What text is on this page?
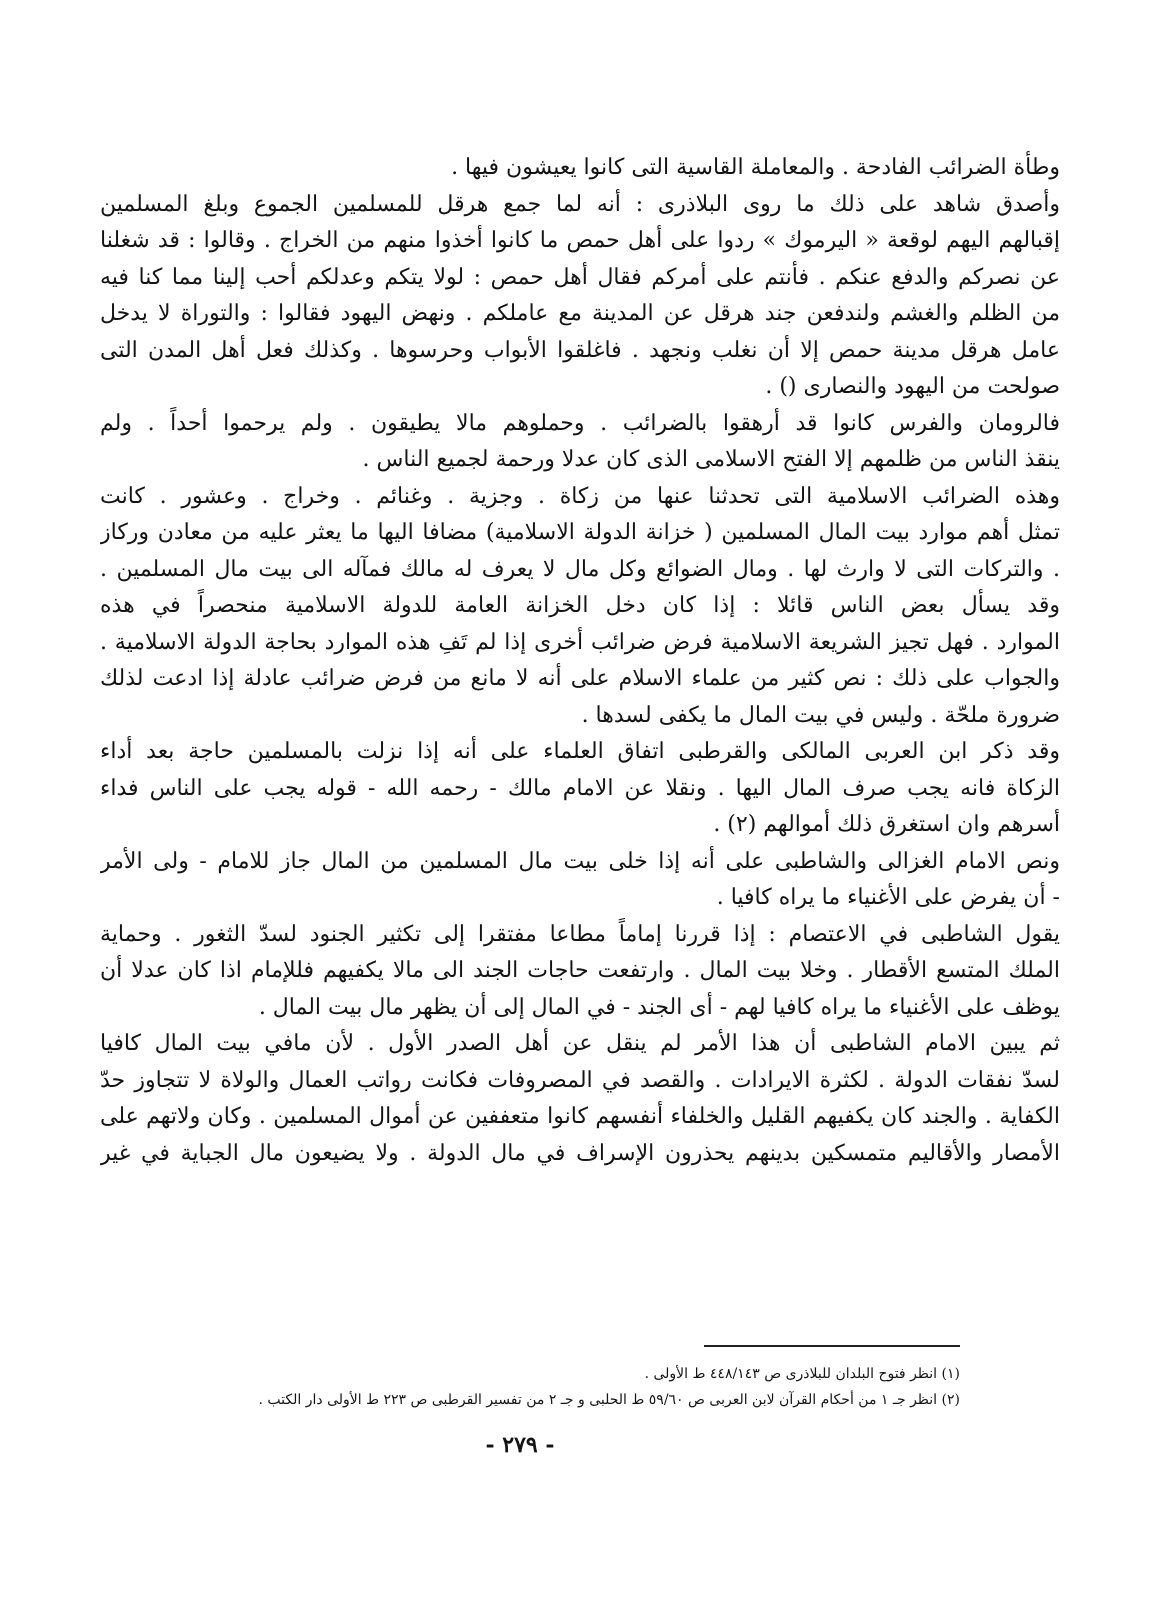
وطأة الضرائب الفادحة . والمعاملة القاسية التى كانوا يعيشون فيها .
وأصدق شاهد على ذلك ما روى البلاذرى : أنه لما جمع هرقل للمسلمين الجموع وبلغ المسلمين
إقبالهم اليهم لوقعة « اليرموك » ردوا على أهل حمص ما كانوا أخذوا منهم من الخراج . وقالوا : قد شغلنا
عن نصركم والدفع عنكم . فأنتم على أمركم فقال أهل حمص : لولا يتكم وعدلكم أحب إلينا مما كنا فيه
من الظلم والغشم ولندفعن جند هرقل عن المدينة مع عاملكم . ونهض اليهود فقالوا : والتوراة لا يدخل
عامل هرقل مدينة حمص إلا أن نغلب ونجهد . فاغلقوا الأبواب وحرسوها . وكذلك فعل أهل المدن التى
صولحت من اليهود والنصارى () .
فالرومان والفرس كانوا قد أرهقوا بالضرائب . وحملوهم مالا يطيقون . ولم يرحموا أحداً . ولم
ينقذ الناس من ظلمهم إلا الفتح الاسلامى الذى كان عدلا ورحمة لجميع الناس .
وهذه الضرائب الاسلامية التى تحدثنا عنها من زكاة . وجزية . وغنائم . وخراج . وعشور . كانت
تمثل أهم موارد بيت المال المسلمين ( خزانة الدولة الاسلامية) مضافا اليها ما يعثر عليه من معادن وركاز
. والتركات التى لا وارث لها . ومال الضوائع وكل مال لا يعرف له مالك فمآله الى بيت مال المسلمين .
وقد يسأل بعض الناس قائلا : إذا كان دخل الخزانة العامة للدولة الاسلامية منحصراً في هذه
الموارد . فهل تجيز الشريعة الاسلامية فرض ضرائب أخرى إذا لم تَفِ هذه الموارد بحاجة الدولة الاسلامية .
والجواب على ذلك : نص كثير من علماء الاسلام على أنه لا مانع من فرض ضرائب عادلة إذا ادعت لذلك
ضرورة ملحّة . وليس في بيت المال ما يكفى لسدها .
وقد ذكر ابن العربى المالكى والقرطبى اتفاق العلماء على أنه إذا نزلت بالمسلمين حاجة بعد أداء
الزكاة فانه يجب صرف المال اليها . ونقلا عن الامام مالك - رحمه الله - قوله يجب على الناس فداء
أسرهم وان استغرق ذلك أموالهم (٢) .
ونص الامام الغزالى والشاطبى على أنه إذا خلى بيت مال المسلمين من المال جاز للامام - ولى الأمر
- أن يفرض على الأغنياء ما يراه كافيا .
يقول الشاطبى في الاعتصام : إذا قررنا إماماً مطاعا مفتقرا إلى تكثير الجنود لسدّ الثغور . وحماية
الملك المتسع الأقطار . وخلا بيت المال . وارتفعت حاجات الجند الى مالا يكفيهم فللإمام اذا كان عدلا أن
يوظف على الأغنياء ما يراه كافيا لهم - أى الجند - في المال إلى أن يظهر مال بيت المال .
ثم يبين الامام الشاطبى أن هذا الأمر لم ينقل عن أهل الصدر الأول . لأن مافي بيت المال كافيا
لسدّ نفقات الدولة . لكثرة الايرادات . والقصد في المصروفات فكانت رواتب العمال والولاة لا تتجاوز حدّ
الكفاية . والجند كان يكفيهم القليل والخلفاء أنفسهم كانوا متعففين عن أموال المسلمين . وكان ولاتهم على
الأمصار والأقاليم متمسكين بدينهم يحذرون الإسراف في مال الدولة . ولا يضيعون مال الجباية في غير
(١) انظر فتوح البلدان للبلاذرى ص ٤٤٨/١٤٣ ط الأولى .
(٢) انظر جـ ١ من أحكام القرآن لابن العربى ص ٥٩/٦٠ ط الحلبى و جـ ٢ من تفسير القرطبى ص ٢٢٣ ط الأولى دار الكتب .
- ٢٧٩ -
